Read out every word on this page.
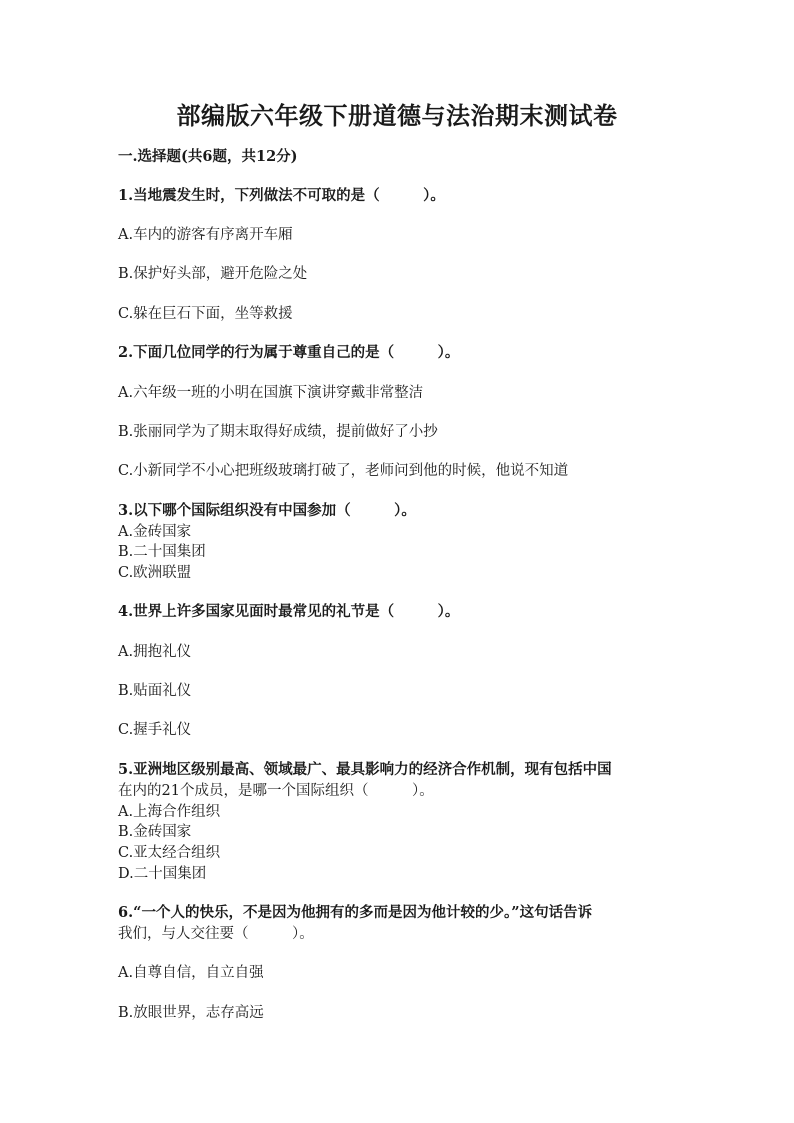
部编版六年级下册道德与法治期末测试卷
一.选择题(共6题，共12分)
1.当地震发生时，下列做法不可取的是（　　　）。
A.车内的游客有序离开车厢
B.保护好头部，避开危险之处
C.躲在巨石下面，坐等救援
2.下面几位同学的行为属于尊重自己的是（　　　）。
A.六年级一班的小明在国旗下演讲穿戴非常整洁
B.张丽同学为了期末取得好成绩，提前做好了小抄
C.小新同学不小心把班级玻璃打破了，老师问到他的时候，他说不知道
3.以下哪个国际组织没有中国参加（　　　）。
A.金砖国家
B.二十国集团
C.欧洲联盟
4.世界上许多国家见面时最常见的礼节是（　　　）。
A.拥抱礼仪
B.贴面礼仪
C.握手礼仪
5.亚洲地区级别最高、领域最广、最具影响力的经济合作机制，现有包括中国
在内的21个成员，是哪一个国际组织（　　　）。
A.上海合作组织
B.金砖国家
C.亚太经合组织
D.二十国集团
6.“一个人的快乐，不是因为他拥有的多而是因为他计较的少。”这句话告诉
我们，与人交往要（　　　）。
A.自尊自信，自立自强
B.放眼世界，志存高远
